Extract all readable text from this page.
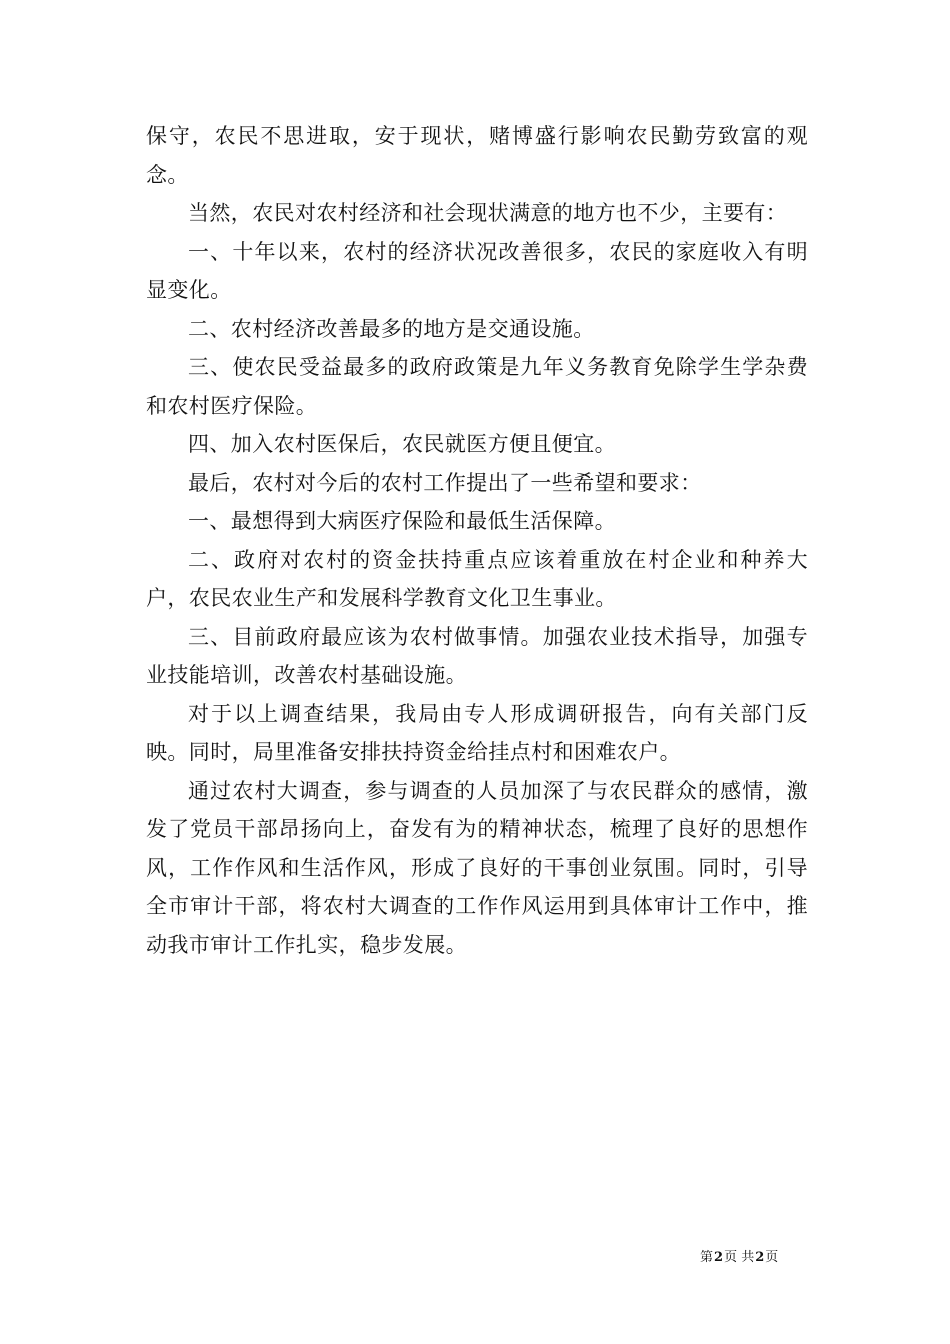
保守，农民不思进取，安于现状，赌博盛行影响农民勤劳致富的观念。

当然，农民对农村经济和社会现状满意的地方也不少，主要有：

一、十年以来，农村的经济状况改善很多，农民的家庭收入有明显变化。

二、农村经济改善最多的地方是交通设施。

三、使农民受益最多的政府政策是九年义务教育免除学生学杂费和农村医疗保险。

四、加入农村医保后，农民就医方便且便宜。

最后，农村对今后的农村工作提出了一些希望和要求：

一、最想得到大病医疗保险和最低生活保障。

二、政府对农村的资金扶持重点应该着重放在村企业和种养大户，农民农业生产和发展科学教育文化卫生事业。

三、目前政府最应该为农村做事情。加强农业技术指导，加强专业技能培训，改善农村基础设施。

对于以上调查结果，我局由专人形成调研报告，向有关部门反映。同时，局里准备安排扶持资金给挂点村和困难农户。

通过农村大调查，参与调查的人员加深了与农民群众的感情，激发了党员干部昂扬向上，奋发有为的精神状态，梳理了良好的思想作风，工作作风和生活作风，形成了良好的干事创业氛围。同时，引导全市审计干部，将农村大调查的工作作风运用到具体审计工作中，推动我市审计工作扎实，稳步发展。

第2页 共2页
